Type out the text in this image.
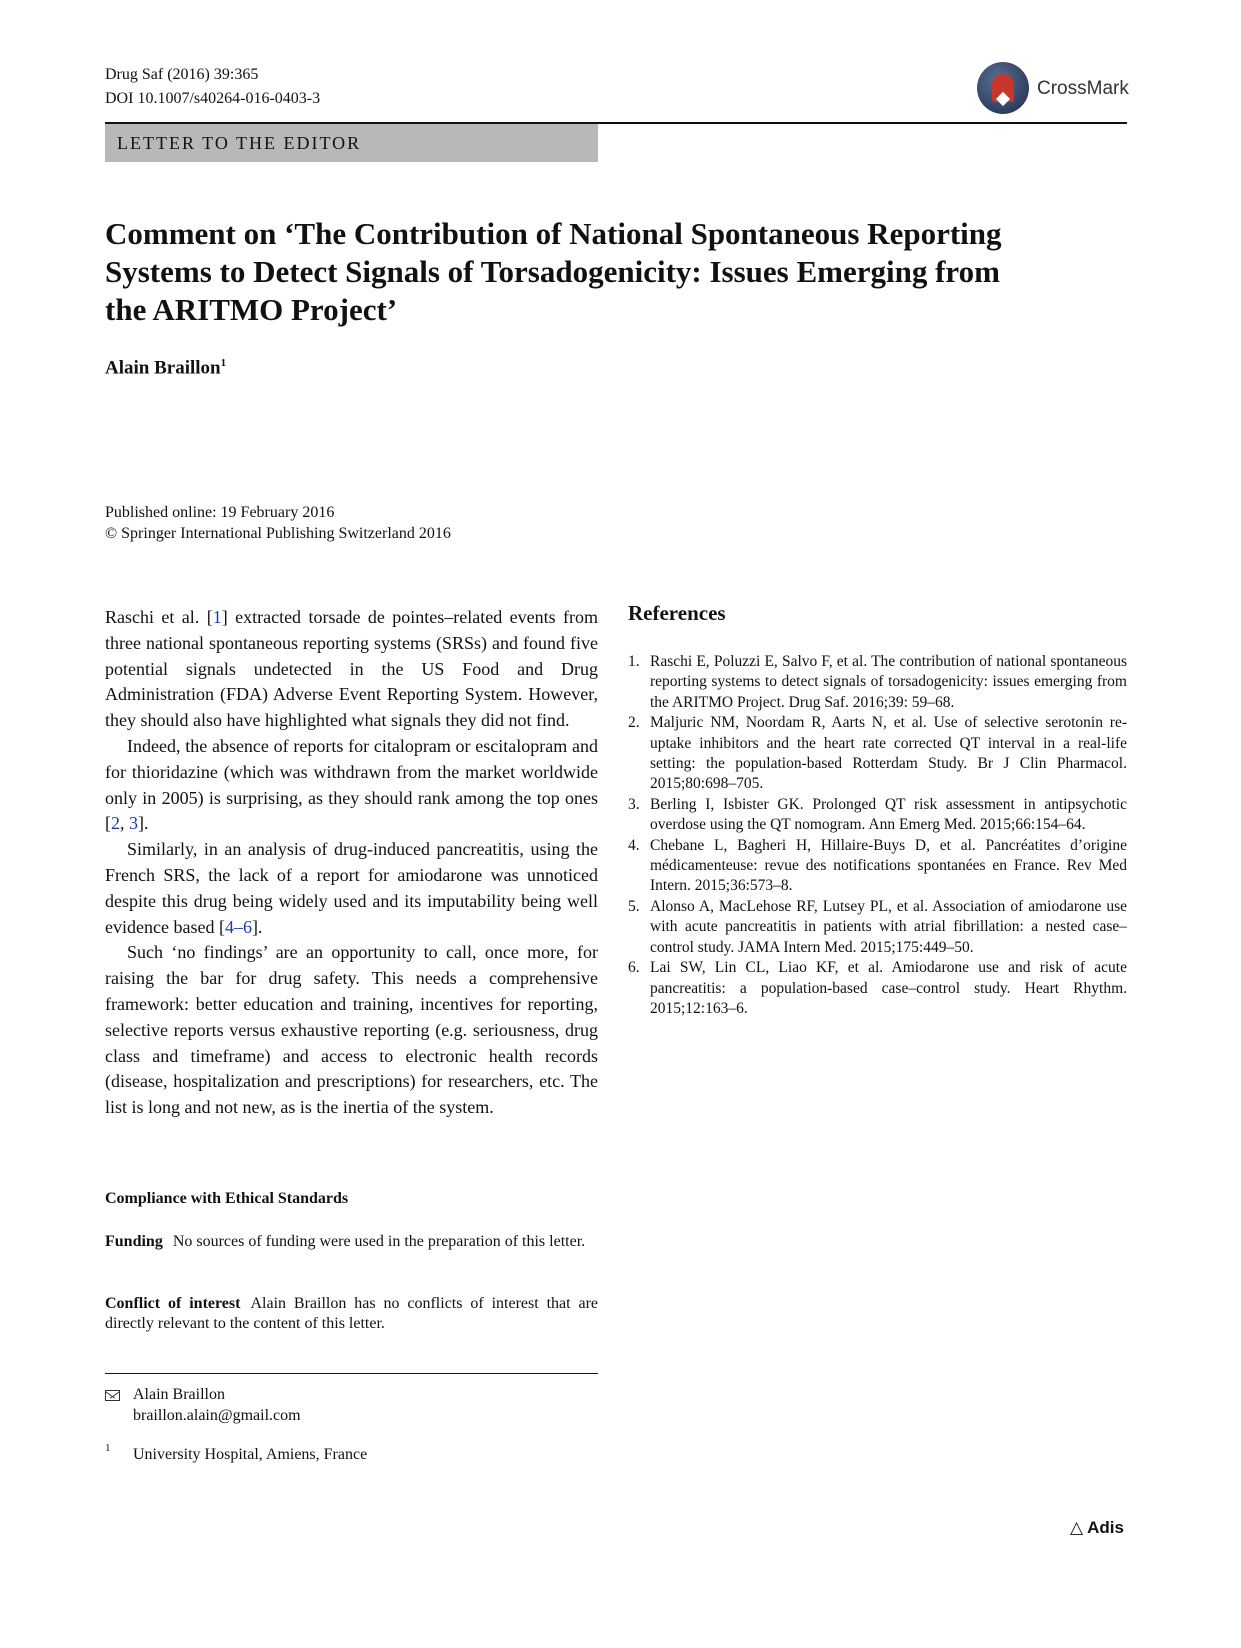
Drug Saf (2016) 39:365
DOI 10.1007/s40264-016-0403-3	CrossMark
LETTER TO THE EDITOR
Comment on ‘The Contribution of National Spontaneous Reporting Systems to Detect Signals of Torsadogenicity: Issues Emerging from the ARITMO Project’
Alain Braillon$^1$
Published online: 19 February 2016
© Springer International Publishing Switzerland 2016

Raschi et al. [1] extracted torsade de pointes–related events from three national spontaneous reporting systems (SRSs) and found five potential signals undetected in the US Food and Drug Administration (FDA) Adverse Event Reporting System. However, they should also have highlighted what signals they did not find.

Indeed, the absence of reports for citalopram or escitalopram and for thioridazine (which was withdrawn from the market worldwide only in 2005) is surprising, as they should rank among the top ones [2, 3].

Similarly, in an analysis of drug-induced pancreatitis, using the French SRS, the lack of a report for amiodarone was unnoticed despite this drug being widely used and its imputability being well evidence based [4–6].

Such ‘no findings’ are an opportunity to call, once more, for raising the bar for drug safety. This needs a comprehensive framework: better education and training, incentives for reporting, selective reports versus exhaustive reporting (e.g. seriousness, drug class and timeframe) and access to electronic health records (disease, hospitalization and prescriptions) for researchers, etc. The list is long and not new, as is the inertia of the system.

Compliance with Ethical Standards
Funding No sources of funding were used in the preparation of this letter.
Conflict of interest Alain Braillon has no conflicts of interest that are directly relevant to the content of this letter.
Alain Braillon
braillon.alain@gmail.com
1 University Hospital, Amiens, France
References
1. Raschi E, Poluzzi E, Salvo F, et al. The contribution of national spontaneous reporting systems to detect signals of torsadogenicity: issues emerging from the ARITMO Project. Drug Saf. 2016;39: 59–68.
2. Maljuric NM, Noordam R, Aarts N, et al. Use of selective serotonin re-uptake inhibitors and the heart rate corrected QT interval in a real-life setting: the population-based Rotterdam Study. Br J Clin Pharmacol. 2015;80:698–705.
3. Berling I, Isbister GK. Prolonged QT risk assessment in antipsychotic overdose using the QT nomogram. Ann Emerg Med. 2015;66:154–64.
4. Chebane L, Bagheri H, Hillaire-Buys D, et al. Pancréatites d’origine médicamenteuse: revue des notifications spontanées en France. Rev Med Intern. 2015;36:573–8.
5. Alonso A, MacLehose RF, Lutsey PL, et al. Association of amiodarone use with acute pancreatitis in patients with atrial fibrillation: a nested case–control study. JAMA Intern Med. 2015;175:449–50.
6. Lai SW, Lin CL, Liao KF, et al. Amiodarone use and risk of acute pancreatitis: a population-based case–control study. Heart Rhythm. 2015;12:163–6.
△ Adis
